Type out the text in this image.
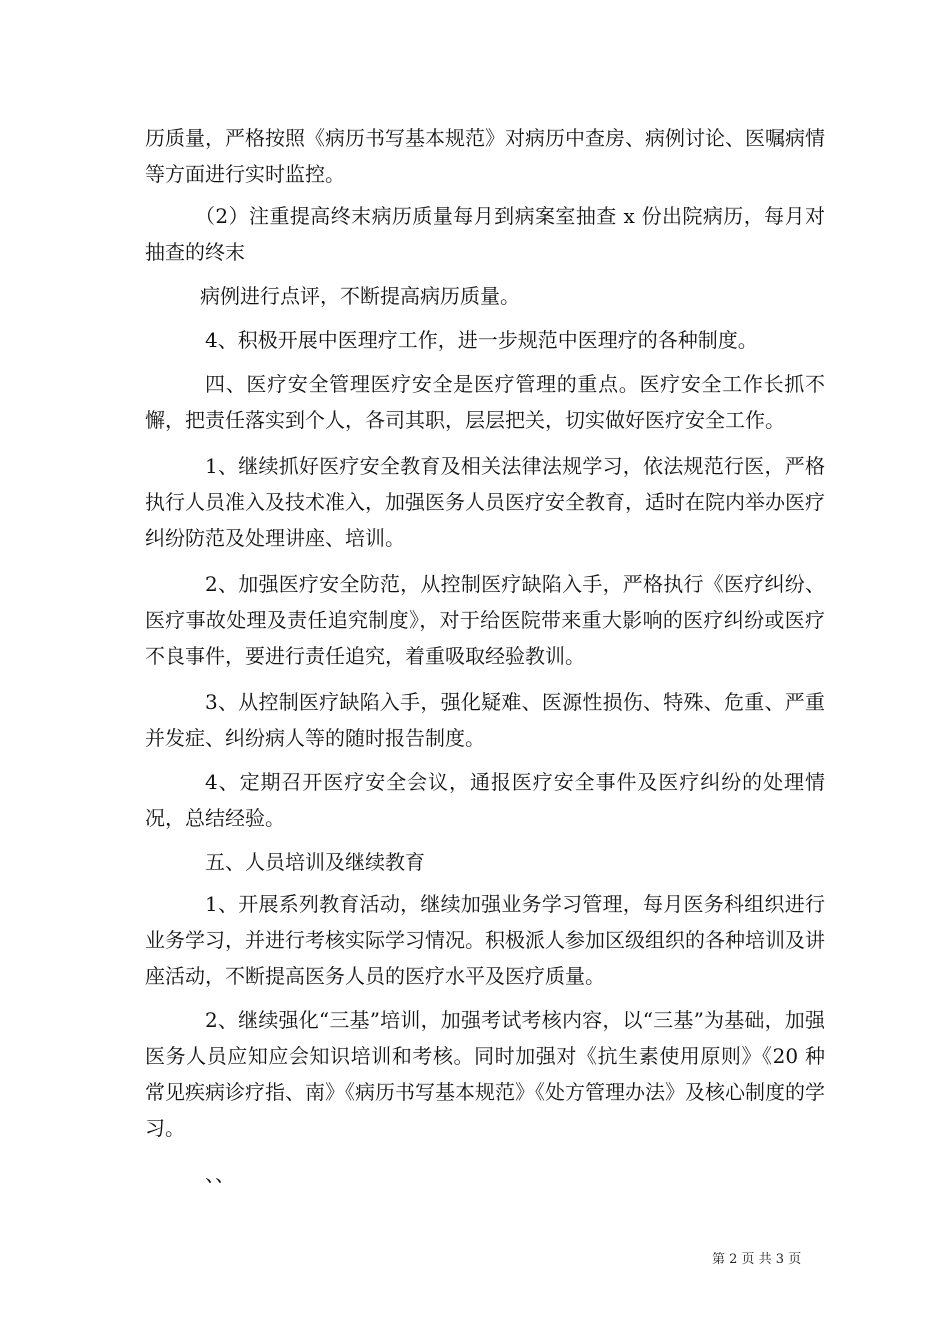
历质量，严格按照《病历书写基本规范》对病历中查房、病例讨论、医嘱病情等方面进行实时监控。

（2）注重提高终末病历质量每月到病案室抽查 x 份出院病历，每月对抽查的终末

病例进行点评，不断提高病历质量。

4、积极开展中医理疗工作，进一步规范中医理疗的各种制度。

四、医疗安全管理医疗安全是医疗管理的重点。医疗安全工作长抓不懈，把责任落实到个人，各司其职，层层把关，切实做好医疗安全工作。

1、继续抓好医疗安全教育及相关法律法规学习，依法规范行医，严格执行人员准入及技术准入，加强医务人员医疗安全教育，适时在院内举办医疗纠纷防范及处理讲座、培训。

2、加强医疗安全防范，从控制医疗缺陷入手，严格执行《医疗纠纷、医疗事故处理及责任追究制度》，对于给医院带来重大影响的医疗纠纷或医疗不良事件，要进行责任追究，着重吸取经验教训。

3、从控制医疗缺陷入手，强化疑难、医源性损伤、特殊、危重、严重并发症、纠纷病人等的随时报告制度。

4、定期召开医疗安全会议，通报医疗安全事件及医疗纠纷的处理情况，总结经验。

五、人员培训及继续教育

1、开展系列教育活动，继续加强业务学习管理，每月医务科组织进行业务学习，并进行考核实际学习情况。积极派人参加区级组织的各种培训及讲座活动，不断提高医务人员的医疗水平及医疗质量。

2、继续强化“三基”培训，加强考试考核内容，以“三基”为基础，加强医务人员应知应会知识培训和考核。同时加强对《抗生素使用原则》《20 种常见疾病诊疗指、南》《病历书写基本规范》《处方管理办法》及核心制度的学习。

、、

第 2 页 共 3 页
